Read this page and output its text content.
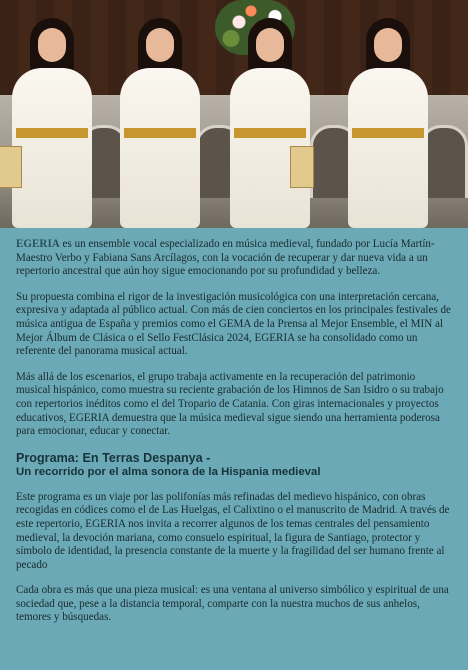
EGERIA es un ensemble vocal especializado en música medieval, fundado por Lucía Martín-Maestro Verbo y Fabiana Sans Arcílagos, con la vocación de recuperar y dar nueva vida a un repertorio ancestral que aún hoy sigue emocionando por su profundidad y belleza.

Su propuesta combina el rigor de la investigación musicológica con una interpretación cercana, expresiva y adaptada al público actual. Con más de cien conciertos en los principales festivales de música antigua de España y premios como el GEMA de la Prensa al Mejor Ensemble, el MIN al Mejor Álbum de Clásica o el Sello FestClásica 2024, EGERIA se ha consolidado como un referente del panorama musical actual.

Más allá de los escenarios, el grupo trabaja activamente en la recuperación del patrimonio musical hispánico, como muestra su reciente grabación de los Himnos de San Isidro o su trabajo con repertorios inéditos como el del Tropario de Catania. Con giras internacionales y proyectos educativos, EGERIA demuestra que la música medieval sigue siendo una herramienta poderosa para emocionar, educar y conectar.

Programa: En Terras Despanya -
Un recorrido por el alma sonora de la Hispania medieval

Este programa es un viaje por las polifonías más refinadas del medievo hispánico, con obras recogidas en códices como el de Las Huelgas, el Calixtino o el manuscrito de Madrid. A través de este repertorio, EGERIA nos invita a recorrer algunos de los temas centrales del pensamiento medieval, la devoción mariana, como consuelo espiritual, la figura de Santiago, protector y símbolo de identidad, la presencia constante de la muerte y la fragilidad del ser humano frente al pecado

Cada obra es más que una pieza musical: es una ventana al universo simbólico y espiritual de una sociedad que, pese a la distancia temporal, comparte con la nuestra muchos de sus anhelos, temores y búsquedas.
